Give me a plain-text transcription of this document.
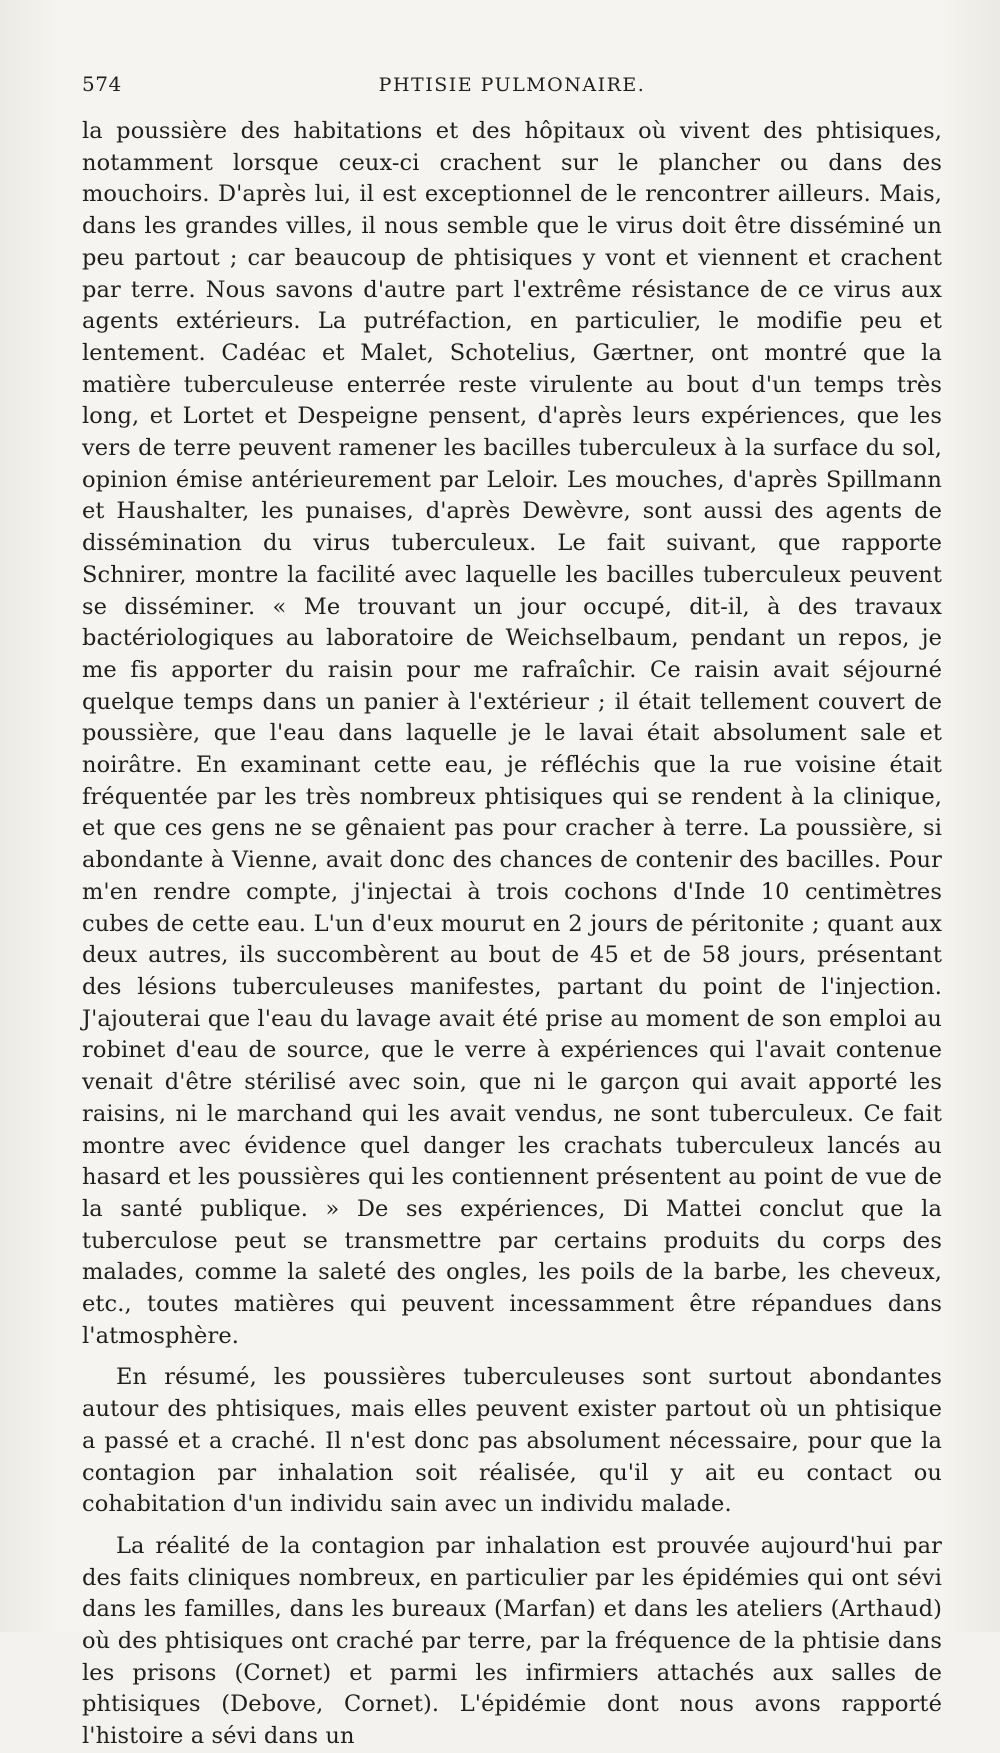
574	PHTISIE PULMONAIRE.

la poussière des habitations et des hôpitaux où vivent des phtisiques, notamment lorsque ceux-ci crachent sur le plancher ou dans des mouchoirs. D'après lui, il est exceptionnel de le rencontrer ailleurs. Mais, dans les grandes villes, il nous semble que le virus doit être disséminé un peu partout ; car beaucoup de phtisiques y vont et viennent et crachent par terre. Nous savons d'autre part l'extrême résistance de ce virus aux agents extérieurs. La putréfaction, en particulier, le modifie peu et lentement. Cadéac et Malet, Schotelius, Gærtner, ont montré que la matière tuberculeuse enterrée reste virulente au bout d'un temps très long, et Lortet et Despeigne pensent, d'après leurs expériences, que les vers de terre peuvent ramener les bacilles tuberculeux à la surface du sol, opinion émise antérieurement par Leloir. Les mouches, d'après Spillmann et Haushalter, les punaises, d'après Dewèvre, sont aussi des agents de dissémination du virus tuberculeux. Le fait suivant, que rapporte Schnirer, montre la facilité avec laquelle les bacilles tuberculeux peuvent se disséminer. « Me trouvant un jour occupé, dit-il, à des travaux bactériologiques au laboratoire de Weichselbaum, pendant un repos, je me fis apporter du raisin pour me rafraîchir. Ce raisin avait séjourné quelque temps dans un panier à l'extérieur ; il était tellement couvert de poussière, que l'eau dans laquelle je le lavai était absolument sale et noirâtre. En examinant cette eau, je réfléchis que la rue voisine était fréquentée par les très nombreux phtisiques qui se rendent à la clinique, et que ces gens ne se gênaient pas pour cracher à terre. La poussière, si abondante à Vienne, avait donc des chances de contenir des bacilles. Pour m'en rendre compte, j'injectai à trois cochons d'Inde 10 centimètres cubes de cette eau. L'un d'eux mourut en 2 jours de péritonite ; quant aux deux autres, ils succombèrent au bout de 45 et de 58 jours, présentant des lésions tuberculeuses manifestes, partant du point de l'injection. J'ajouterai que l'eau du lavage avait été prise au moment de son emploi au robinet d'eau de source, que le verre à expériences qui l'avait contenue venait d'être stérilisé avec soin, que ni le garçon qui avait apporté les raisins, ni le marchand qui les avait vendus, ne sont tuberculeux. Ce fait montre avec évidence quel danger les crachats tuberculeux lancés au hasard et les poussières qui les contiennent présentent au point de vue de la santé publique. » De ses expériences, Di Mattei conclut que la tuberculose peut se transmettre par certains produits du corps des malades, comme la saleté des ongles, les poils de la barbe, les cheveux, etc., toutes matières qui peuvent incessamment être répandues dans l'atmosphère.

En résumé, les poussières tuberculeuses sont surtout abondantes autour des phtisiques, mais elles peuvent exister partout où un phtisique a passé et a craché. Il n'est donc pas absolument nécessaire, pour que la contagion par inhalation soit réalisée, qu'il y ait eu contact ou cohabitation d'un individu sain avec un individu malade.

La réalité de la contagion par inhalation est prouvée aujourd'hui par des faits cliniques nombreux, en particulier par les épidémies qui ont sévi dans les familles, dans les bureaux (Marfan) et dans les ateliers (Arthaud) où des phtisiques ont craché par terre, par la fréquence de la phtisie dans les prisons (Cornet) et parmi les infirmiers attachés aux salles de phtisiques (Debove, Cornet). L'épidémie dont nous avons rapporté l'histoire a sévi dans un
